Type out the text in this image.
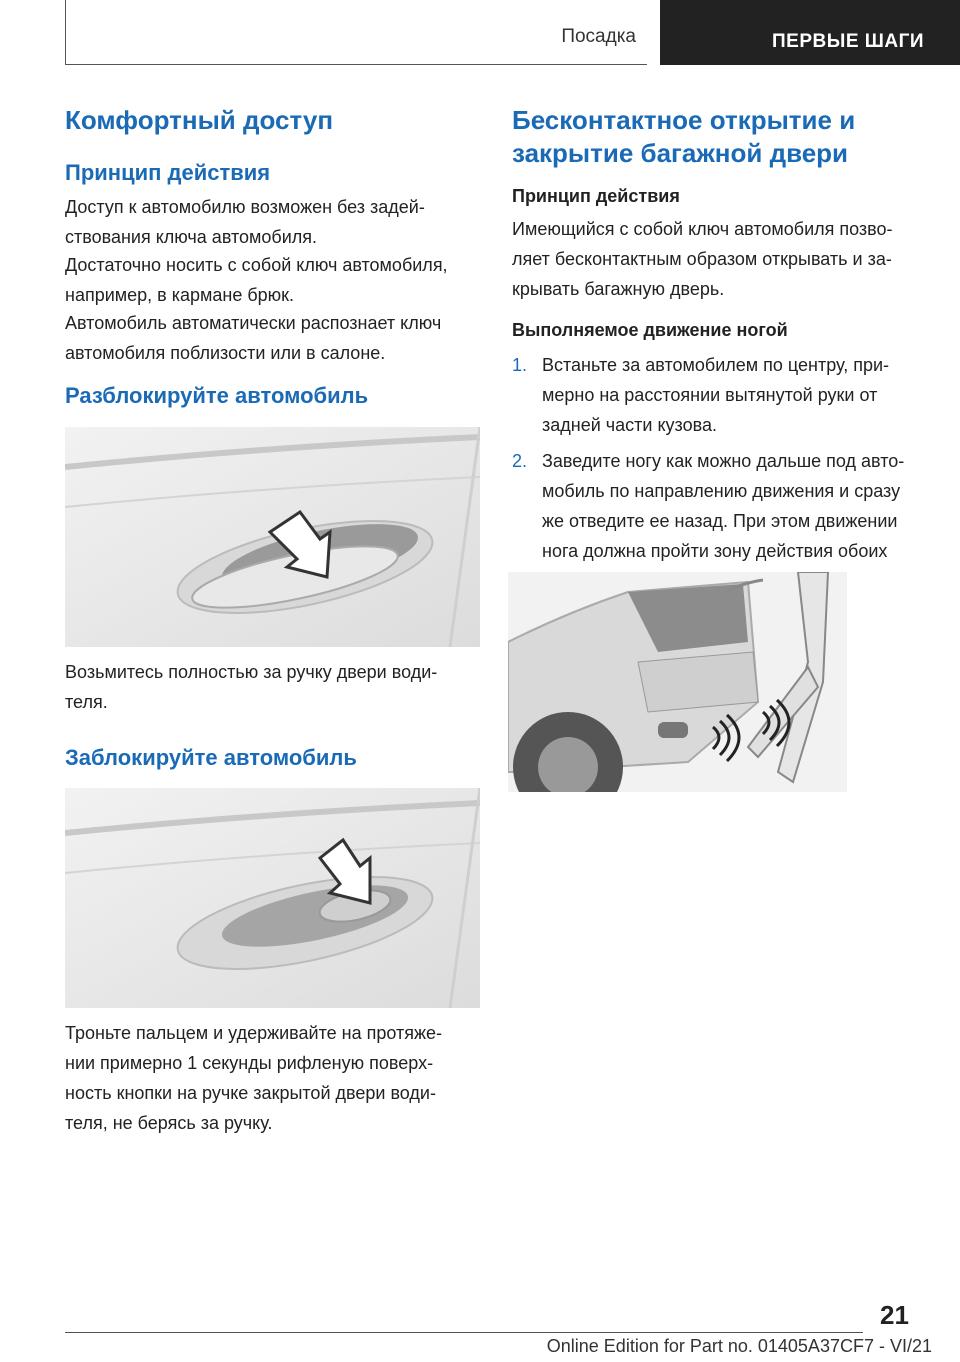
Посадка	ПЕРВЫЕ ШАГИ
Комфортный доступ
Принцип действия
Доступ к автомобилю возможен без задей-
ствования ключа автомобиля.
Достаточно носить с собой ключ автомобиля,
например, в кармане брюк.
Автомобиль автоматически распознает ключ
автомобиля поблизости или в салоне.
Разблокируйте автомобиль
Возьмитесь полностью за ручку двери води-
теля.
Заблокируйте автомобиль
Троньте пальцем и удерживайте на протяже-
нии примерно 1 секунды рифленую поверх-
ность кнопки на ручке закрытой двери води-
теля, не берясь за ручку.
Бесконтактное открытие и
закрытие багажной двери
Принцип действия
Имеющийся с собой ключ автомобиля позво-
ляет бесконтактным образом открывать и за-
крывать багажную дверь.
Выполняемое движение ногой
1. Встаньте за автомобилем по центру, при-
мерно на расстоянии вытянутой руки от
задней части кузова.
2. Заведите ногу как можно дальше под авто-
мобиль по направлению движения и сразу
же отведите ее назад. При этом движении
нога должна пройти зону действия обоих

21
Online Edition for Part no. 01405A37CF7 - VI/21
